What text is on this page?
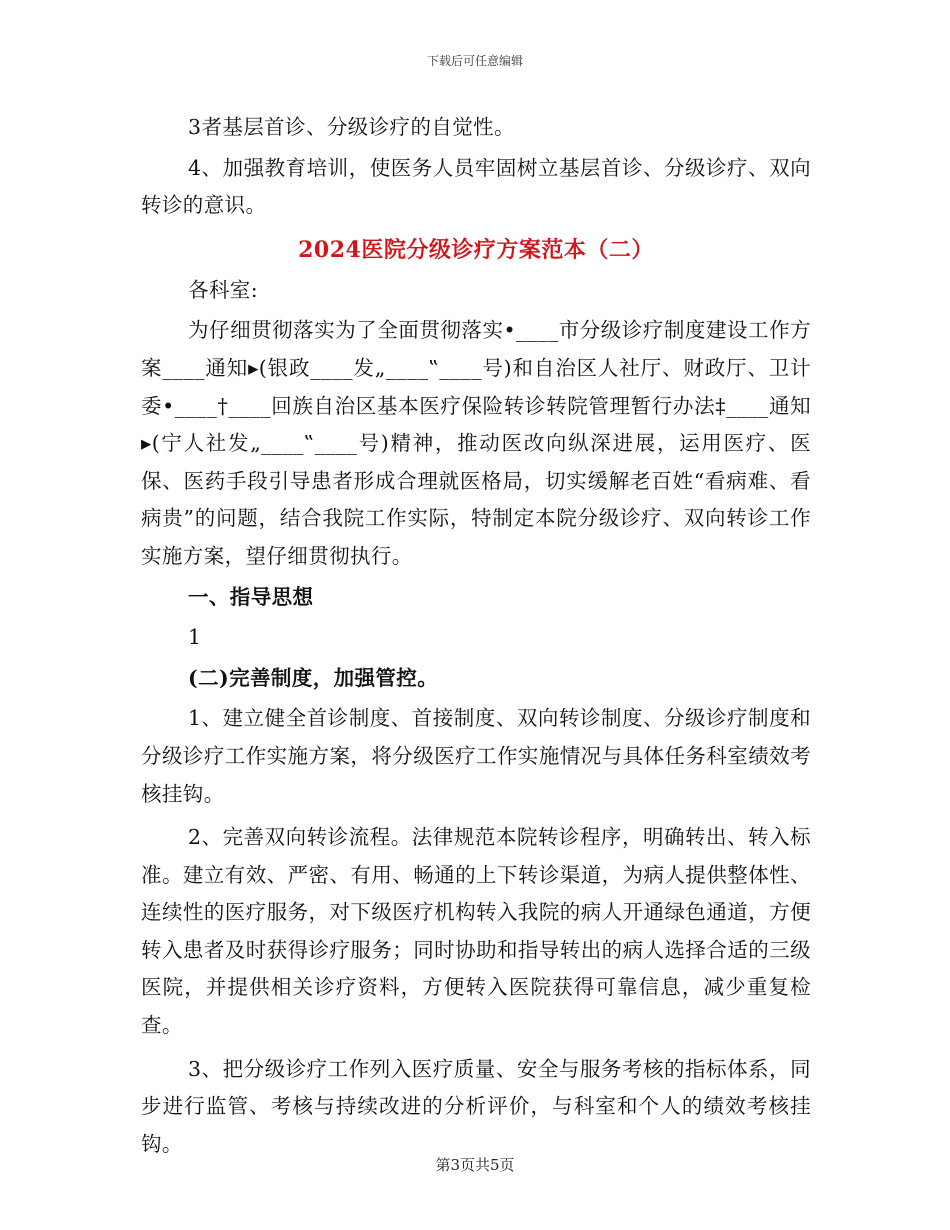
下载后可任意编辑

3者基层首诊、分级诊疗的自觉性。

4、加强教育培训，使医务人员牢固树立基层首诊、分级诊疗、双向转诊的意识。

2024医院分级诊疗方案范本（二）

各科室:

为仔细贯彻落实为了全面贯彻落实•____市分级诊疗制度建设工作方案____通知▸(银政____发„____‟____号)和自治区人社厅、财政厅、卫计委•____†____回族自治区基本医疗保险转诊转院管理暂行办法‡____通知▸(宁人社发„____‟____号)精神，推动医改向纵深进展，运用医疗、医保、医药手段引导患者形成合理就医格局，切实缓解老百姓“看病难、看病贵”的问题，结合我院工作实际，特制定本院分级诊疗、双向转诊工作实施方案，望仔细贯彻执行。

一、指导思想

1

(二)完善制度，加强管控。

1、建立健全首诊制度、首接制度、双向转诊制度、分级诊疗制度和分级诊疗工作实施方案，将分级医疗工作实施情况与具体任务科室绩效考核挂钩。

2、完善双向转诊流程。法律规范本院转诊程序，明确转出、转入标准。建立有效、严密、有用、畅通的上下转诊渠道，为病人提供整体性、连续性的医疗服务，对下级医疗机构转入我院的病人开通绿色通道，方便转入患者及时获得诊疗服务；同时协助和指导转出的病人选择合适的三级医院，并提供相关诊疗资料，方便转入医院获得可靠信息，减少重复检查。

3、把分级诊疗工作列入医疗质量、安全与服务考核的指标体系，同步进行监管、考核与持续改进的分析评价，与科室和个人的绩效考核挂钩。

第3页共5页
